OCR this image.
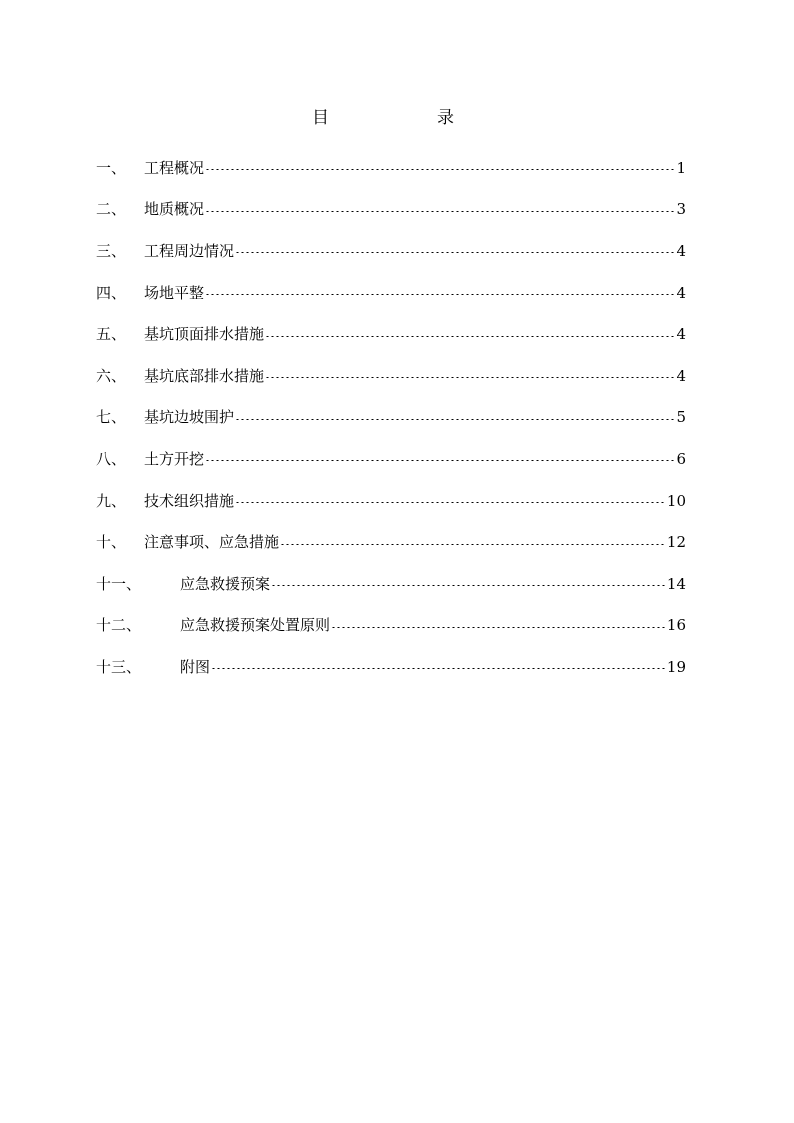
目	录
一、	工程概况	1
二、	地质概况	3
三、	工程周边情况	4
四、	场地平整	4
五、	基坑顶面排水措施	4
六、	基坑底部排水措施	4
七、	基坑边坡围护	5
八、	土方开挖	6
九、	技术组织措施	10
十、	注意事项、应急措施	12
十一、	应急救援预案	14
十二、	应急救援预案处置原则	16
十三、	附图	19
